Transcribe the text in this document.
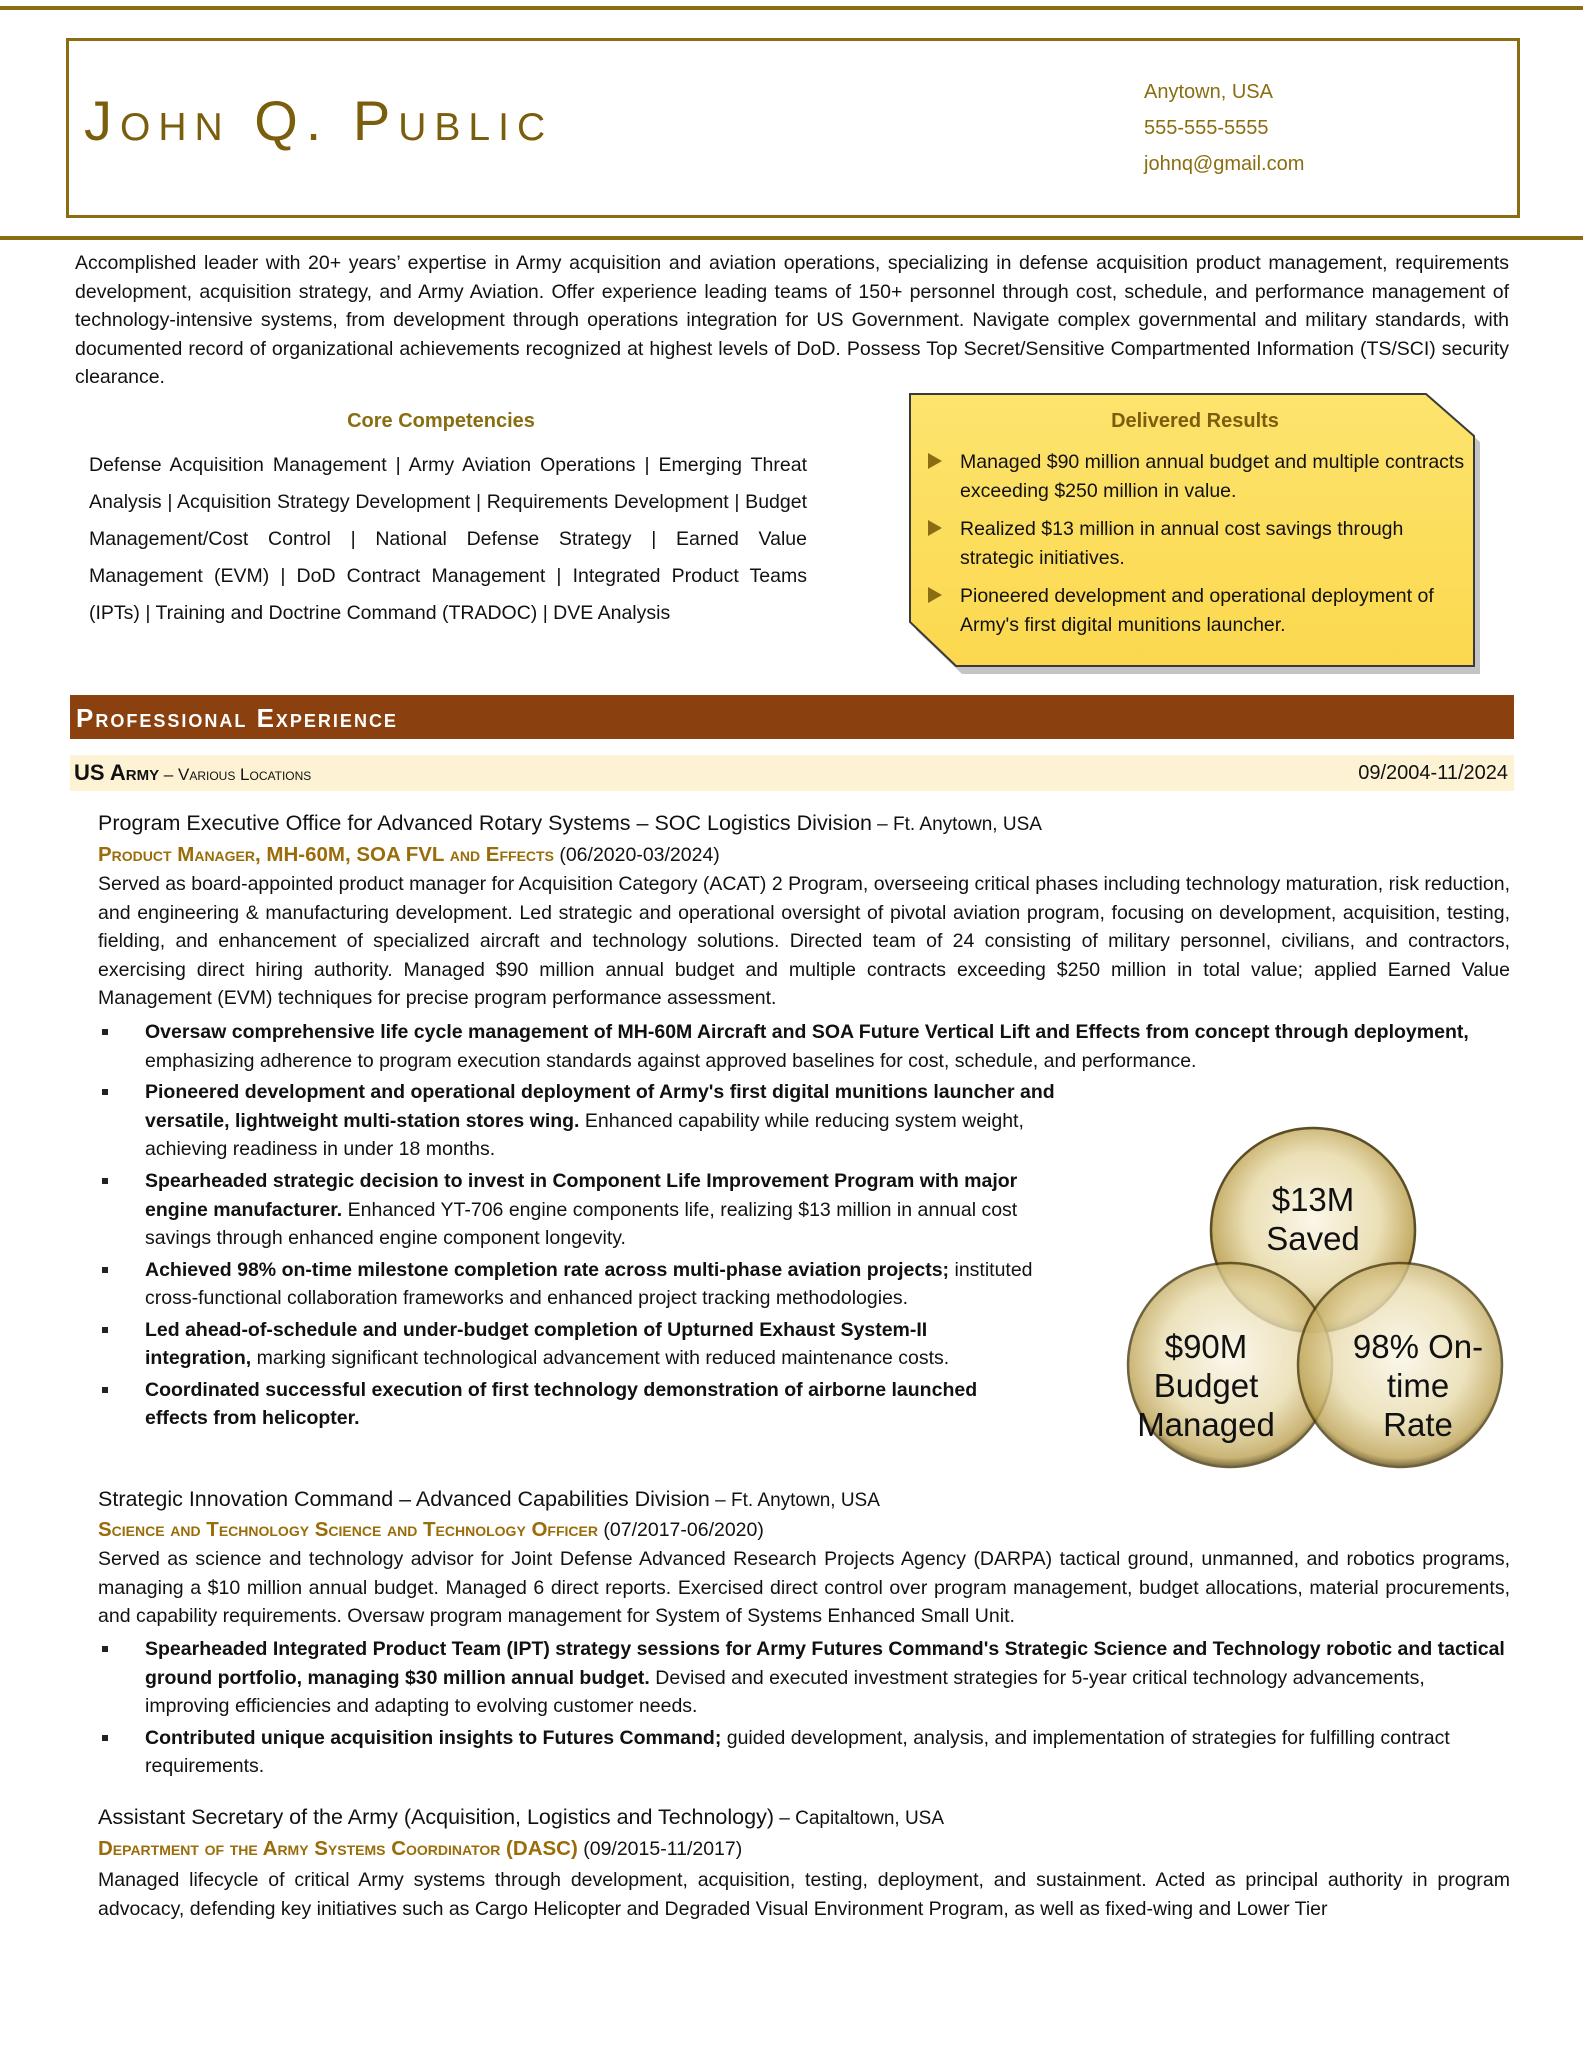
John Q. Public	Anytown, USA
555-555-5555
johnq@gmail.com
Accomplished leader with 20+ years’ expertise in Army acquisition and aviation operations, specializing in defense acquisition product management, requirements development, acquisition strategy, and Army Aviation. Offer experience leading teams of 150+ personnel through cost, schedule, and performance management of technology-intensive systems, from development through operations integration for US Government. Navigate complex governmental and military standards, with documented record of organizational achievements recognized at highest levels of DoD. Possess Top Secret/Sensitive Compartmented Information (TS/SCI) security clearance.
Core Competencies
Defense Acquisition Management | Army Aviation Operations | Emerging Threat Analysis | Acquisition Strategy Development | Requirements Development | Budget Management/Cost Control | National Defense Strategy | Earned Value Management (EVM) | DoD Contract Management | Integrated Product Teams (IPTs) | Training and Doctrine Command (TRADOC) | DVE Analysis
Delivered Results
Managed $90 million annual budget and multiple contracts exceeding $250 million in value.
Realized $13 million in annual cost savings through strategic initiatives.
Pioneered development and operational deployment of Army's first digital munitions launcher.
Professional Experience
US Army – Various Locations	09/2004-11/2024
Program Executive Office for Advanced Rotary Systems – SOC Logistics Division – Ft. Anytown, USA
Product Manager, MH-60M, SOA FVL and Effects (06/2020-03/2024)
Served as board-appointed product manager for Acquisition Category (ACAT) 2 Program, overseeing critical phases including technology maturation, risk reduction, and engineering & manufacturing development. Led strategic and operational oversight of pivotal aviation program, focusing on development, acquisition, testing, fielding, and enhancement of specialized aircraft and technology solutions. Directed team of 24 consisting of military personnel, civilians, and contractors, exercising direct hiring authority. Managed $90 million annual budget and multiple contracts exceeding $250 million in total value; applied Earned Value Management (EVM) techniques for precise program performance assessment.
Oversaw comprehensive life cycle management of MH-60M Aircraft and SOA Future Vertical Lift and Effects from concept through deployment, emphasizing adherence to program execution standards against approved baselines for cost, schedule, and performance.
Pioneered development and operational deployment of Army's first digital munitions launcher and versatile, lightweight multi-station stores wing. Enhanced capability while reducing system weight, achieving readiness in under 18 months.
Spearheaded strategic decision to invest in Component Life Improvement Program with major engine manufacturer. Enhanced YT-706 engine components life, realizing $13 million in annual cost savings through enhanced engine component longevity.
Achieved 98% on-time milestone completion rate across multi-phase aviation projects; instituted cross-functional collaboration frameworks and enhanced project tracking methodologies.
Led ahead-of-schedule and under-budget completion of Upturned Exhaust System-II integration, marking significant technological advancement with reduced maintenance costs.
Coordinated successful execution of first technology demonstration of airborne launched effects from helicopter.
$13M
Saved
$90M
Budget
Managed
98% On-
time
Rate
Strategic Innovation Command – Advanced Capabilities Division – Ft. Anytown, USA
Science and Technology Science and Technology Officer (07/2017-06/2020)
Served as science and technology advisor for Joint Defense Advanced Research Projects Agency (DARPA) tactical ground, unmanned, and robotics programs, managing a $10 million annual budget. Managed 6 direct reports. Exercised direct control over program management, budget allocations, material procurements, and capability requirements. Oversaw program management for System of Systems Enhanced Small Unit.
Spearheaded Integrated Product Team (IPT) strategy sessions for Army Futures Command's Strategic Science and Technology robotic and tactical ground portfolio, managing $30 million annual budget. Devised and executed investment strategies for 5-year critical technology advancements, improving efficiencies and adapting to evolving customer needs.
Contributed unique acquisition insights to Futures Command; guided development, analysis, and implementation of strategies for fulfilling contract requirements.
Assistant Secretary of the Army (Acquisition, Logistics and Technology) – Capitaltown, USA
Department of the Army Systems Coordinator (DASC) (09/2015-11/2017)
Managed lifecycle of critical Army systems through development, acquisition, testing, deployment, and sustainment. Acted as principal authority in program advocacy, defending key initiatives such as Cargo Helicopter and Degraded Visual Environment Program, as well as fixed-wing and Lower Tier
